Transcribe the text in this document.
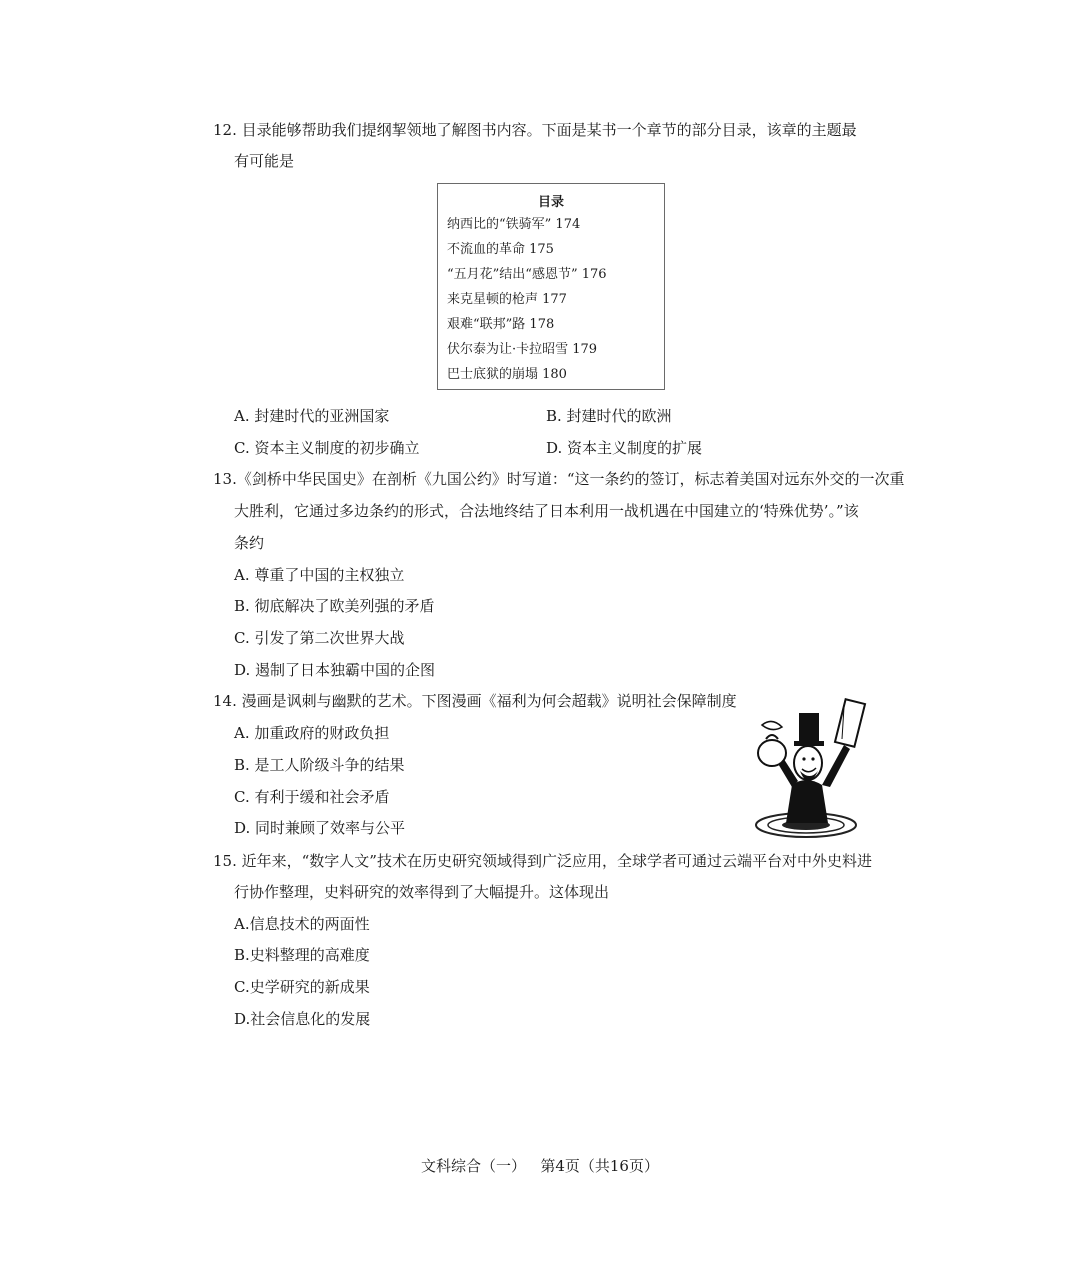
12. 目录能够帮助我们提纲挈领地了解图书内容。下面是某书一个章节的部分目录，该章的主题最
有可能是
目录
纳西比的“铁骑军” 174
不流血的革命 175
“五月花”结出“感恩节” 176
来克星顿的枪声 177
艰难“联邦”路 178
伏尔泰为让·卡拉昭雪 179
巴士底狱的崩塌 180
A. 封建时代的亚洲国家	B. 封建时代的欧洲
C. 资本主义制度的初步确立	D. 资本主义制度的扩展
13.《剑桥中华民国史》在剖析《九国公约》时写道：“这一条约的签订，标志着美国对远东外交的一次重
大胜利，它通过多边条约的形式，合法地终结了日本利用一战机遇在中国建立的‘特殊优势’。”该
条约
A. 尊重了中国的主权独立
B. 彻底解决了欧美列强的矛盾
C. 引发了第二次世界大战
D. 遏制了日本独霸中国的企图
14. 漫画是讽刺与幽默的艺术。下图漫画《福利为何会超载》说明社会保障制度
A. 加重政府的财政负担
B. 是工人阶级斗争的结果
C. 有利于缓和社会矛盾
D. 同时兼顾了效率与公平
15. 近年来，“数字人文”技术在历史研究领域得到广泛应用，全球学者可通过云端平台对中外史料进
行协作整理，史料研究的效率得到了大幅提升。这体现出
A.信息技术的两面性
B.史料整理的高难度
C.史学研究的新成果
D.社会信息化的发展
文科综合（一）   第4页（共16页）
